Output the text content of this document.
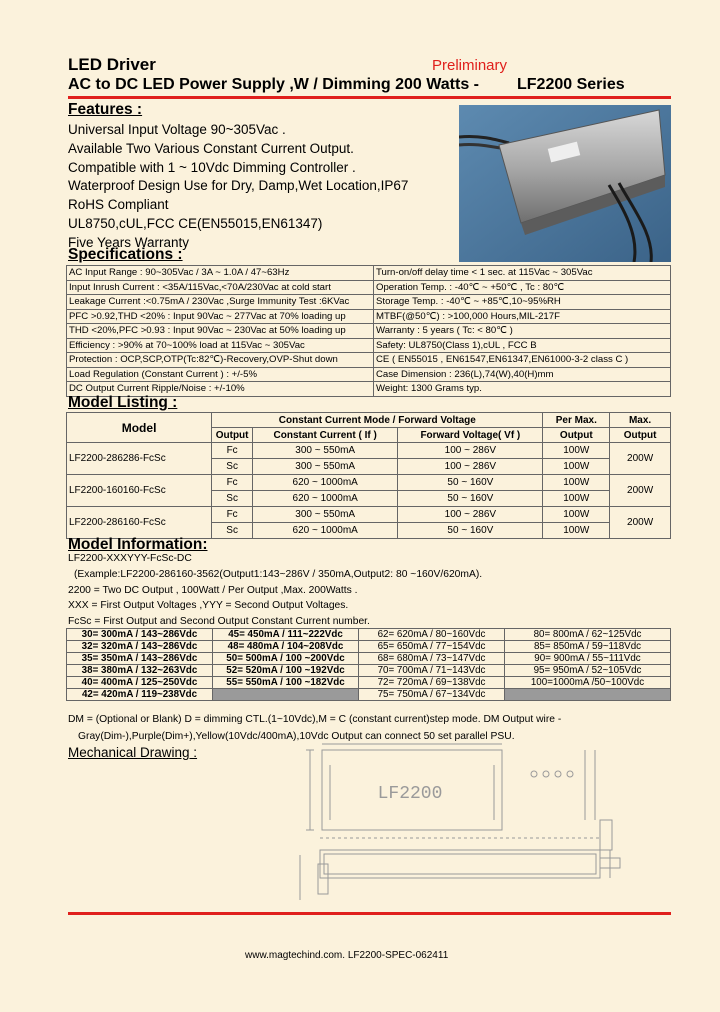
LED Driver	Preliminary
AC to DC LED Power Supply ,W / Dimming 200 Watts - LF2200 Series
Features :
Universal Input Voltage 90~305Vac .
Available Two Various Constant Current Output.
Compatible with 1 ~ 10Vdc Dimming Controller .
Waterproof Design Use for Dry, Damp,Wet Location,IP67
RoHS Compliant
UL8750,cUL,FCC CE(EN55015,EN61347)
Five Years Warranty
Specifications :
AC Input Range : 90~305Vac / 3A ~ 1.0A / 47~63Hz	Turn-on/off delay time < 1 sec. at 115Vac ~ 305Vac
Input Inrush Current : <35A/115Vac,<70A/230Vac at cold start	Operation Temp. : -40℃ ~ +50℃ , Tc : 80℃
Leakage Current :<0.75mA / 230Vac ,Surge Immunity Test :6KVac	Storage Temp. : -40℃ ~ +85℃,10~95%RH
PFC >0.92,THD <20% : Input 90Vac ~ 277Vac at 70% loading up	MTBF(@50℃) : >100,000 Hours,MIL-217F
THD <20%,PFC >0.93 : Input 90Vac ~ 230Vac at 50% loading up	Warranty : 5 years ( Tc: < 80℃ )
Efficiency : >90% at 70~100% load at 115Vac ~ 305Vac	Safety: UL8750(Class 1),cUL , FCC B
Protection : OCP,SCP,OTP(Tc:82℃)-Recovery,OVP-Shut down	CE ( EN55015 , EN61547,EN61347,EN61000-3-2 class C )
Load Regulation (Constant Current ) : +/-5%	Case Dimension : 236(L),74(W),40(H)mm
DC Output Current Ripple/Noise : +/-10%	Weight: 1300 Grams typ.
Model Listing :
Model	Constant Current Mode / Forward Voltage			Per Max.	Max.
	Output	Constant Current ( If )	Forward Voltage( Vf )	Output	Output
LF2200-286286-FcSc	Fc	300 ~ 550mA	100 ~ 286V	100W	200W
	Sc	300 ~ 550mA	100 ~ 286V	100W	
LF2200-160160-FcSc	Fc	620 ~ 1000mA	50 ~ 160V	100W	200W
	Sc	620 ~ 1000mA	50 ~ 160V	100W	
LF2200-286160-FcSc	Fc	300 ~ 550mA	100 ~ 286V	100W	200W
	Sc	620 ~ 1000mA	50 ~ 160V	100W	
Model Information:
LF2200-XXXYYY-FcSc-DC
(Example:LF2200-286160-3562(Output1:143~286V / 350mA,Output2: 80 ~160V/620mA).
2200 = Two DC Output , 100Watt / Per Output ,Max. 200Watts .
XXX = First Output Voltages ,YYY = Second Output Voltages.
FcSc = First Output and Second Output Constant Current number.
30= 300mA / 143~286Vdc	45= 450mA / 111~222Vdc	62= 620mA / 80~160Vdc	80= 800mA / 62~125Vdc
32= 320mA / 143~286Vdc	48= 480mA / 104~208Vdc	65= 650mA / 77~154Vdc	85= 850mA / 59~118Vdc
35= 350mA / 143~286Vdc	50= 500mA / 100 ~200Vdc	68= 680mA / 73~147Vdc	90= 900mA / 55~111Vdc
38= 380mA / 132~263Vdc	52= 520mA / 100 ~192Vdc	70= 700mA / 71~143Vdc	95= 950mA / 52~105Vdc
40= 400mA / 125~250Vdc	55= 550mA / 100 ~182Vdc	72= 720mA / 69~138Vdc	100=1000mA /50~100Vdc
42= 420mA / 119~238Vdc		75= 750mA / 67~134Vdc	
DM = (Optional or Blank) D = dimming CTL.(1~10Vdc),M = C (constant current)step mode. DM Output wire -
Gray(Dim-),Purple(Dim+),Yellow(10Vdc/400mA),10Vdc Output can connect 50 set parallel PSU.
Mechanical Drawing :
LF2200
www.magtechind.com. LF2200-SPEC-062411
